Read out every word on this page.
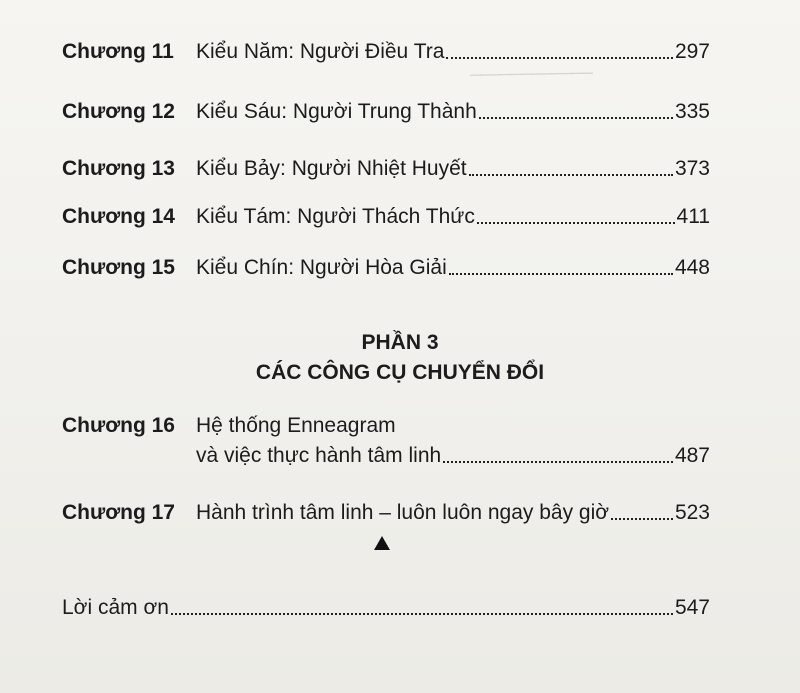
────────────
Chương 11	Kiểu Năm: Người Điều Tra	297
Chương 12	Kiểu Sáu: Người Trung Thành	335
Chương 13	Kiểu Bảy: Người Nhiệt Huyết	373
Chương 14	Kiểu Tám: Người Thách Thức	411
Chương 15	Kiểu Chín: Người Hòa Giải	448
PHẦN 3
CÁC CÔNG CỤ CHUYỂN ĐỔI
Chương 16	Hệ thống Enneagram
và việc thực hành tâm linh	487
Chương 17	Hành trình tâm linh – luôn luôn ngay bây giờ	523
Lời cảm ơn	547
